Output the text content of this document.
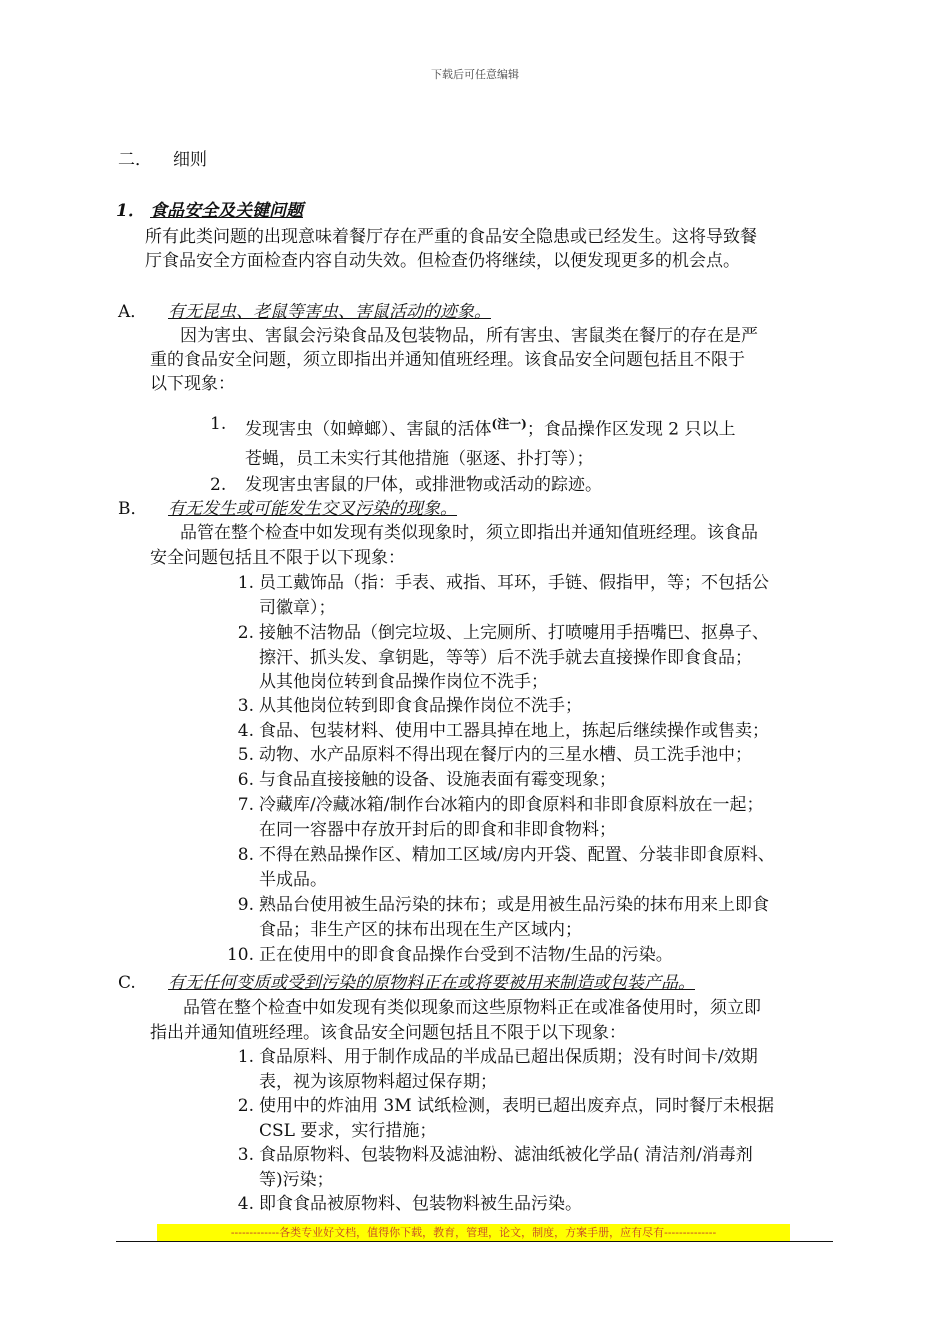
下载后可任意编辑
二． 细则
1． 食品安全及关键问题
所有此类问题的出现意味着餐厅存在严重的食品安全隐患或已经发生。这将导致餐
厅食品安全方面检查内容自动失效。但检查仍将继续，以便发现更多的机会点。
A． 有无昆虫、老鼠等害虫、害鼠活动的迹象。
因为害虫、害鼠会污染食品及包装物品，所有害虫、害鼠类在餐厅的存在是严
重的食品安全问题，须立即指出并通知值班经理。该食品安全问题包括且不限于
以下现象：
1. 发现害虫（如蟑螂）、害鼠的活体$^{(注一)}$；食品操作区发现 2 只以上
苍蝇，员工未实行其他措施（驱逐、扑打等）；
2. 发现害虫害鼠的尸体，或排泄物或活动的踪迹。
B． 有无发生或可能发生交叉污染的现象。
品管在整个检查中如发现有类似现象时，须立即指出并通知值班经理。该食品
安全问题包括且不限于以下现象：
1. 员工戴饰品（指：手表、戒指、耳环，手链、假指甲，等；不包括公
司徽章）；
2. 接触不洁物品（倒完垃圾、上完厕所、打喷嚏用手捂嘴巴、抠鼻子、
擦汗、抓头发、拿钥匙，等等）后不洗手就去直接操作即食食品；
从其他岗位转到食品操作岗位不洗手；
3. 从其他岗位转到即食食品操作岗位不洗手；
4. 食品、包装材料、使用中工器具掉在地上，拣起后继续操作或售卖；
5. 动物、水产品原料不得出现在餐厅内的三星水槽、员工洗手池中；
6. 与食品直接接触的设备、设施表面有霉变现象；
7. 冷藏库/冷藏冰箱/制作台冰箱内的即食原料和非即食原料放在一起；
在同一容器中存放开封后的即食和非即食物料；
8. 不得在熟品操作区、精加工区域/房内开袋、配置、分装非即食原料、
半成品。
9. 熟品台使用被生品污染的抹布；或是用被生品污染的抹布用来上即食
食品；非生产区的抹布出现在生产区域内；
10. 正在使用中的即食食品操作台受到不洁物/生品的污染。
C. 有无任何变质或受到污染的原物料正在或将要被用来制造或包装产品。
品管在整个检查中如发现有类似现象而这些原物料正在或准备使用时，须立即
指出并通知值班经理。该食品安全问题包括且不限于以下现象：
1. 食品原料、用于制作成品的半成品已超出保质期；没有时间卡/效期
表，视为该原物料超过保存期；
2. 使用中的炸油用 3M 试纸检测，表明已超出废弃点，同时餐厅未根据
CSL 要求，实行措施；
3. 食品原物料、包装物料及滤油粉、滤油纸被化学品( 清洁剂/消毒剂
等)污染；
4. 即食食品被原物料、包装物料被生品污染。
-------------各类专业好文档，值得你下载，教育，管理，论文，制度，方案手册，应有尽有--------------
